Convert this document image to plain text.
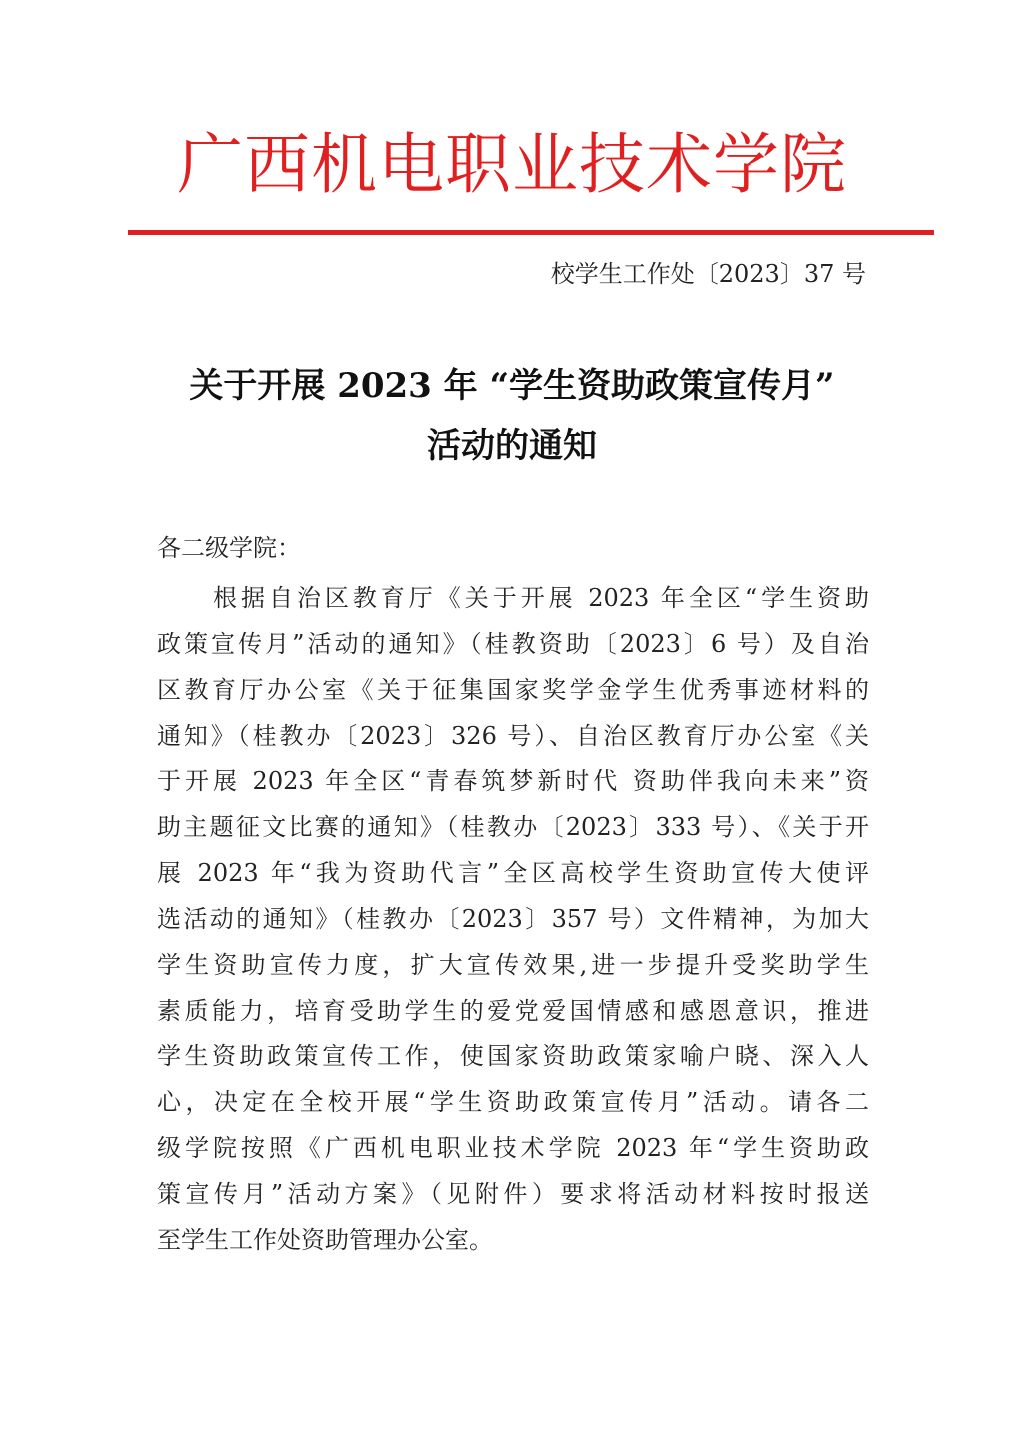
广西机电职业技术学院
校学生工作处〔2023〕37 号
关于开展 2023 年 “学生资助政策宣传月”
活动的通知
各二级学院：
根据自治区教育厅《关于开展 2023 年全区“学生资助
政策宣传月”活动的通知》（桂教资助〔2023〕6 号）及自治
区教育厅办公室《关于征集国家奖学金学生优秀事迹材料的
通知》（桂教办〔2023〕326 号）、自治区教育厅办公室《关
于开展 2023 年全区“青春筑梦新时代 资助伴我向未来”资
助主题征文比赛的通知》（桂教办〔2023〕333 号）、《关于开
展 2023 年“我为资助代言”全区高校学生资助宣传大使评
选活动的通知》（桂教办〔2023〕357 号）文件精神，为加大
学生资助宣传力度，扩大宣传效果,进一步提升受奖助学生
素质能力，培育受助学生的爱党爱国情感和感恩意识，推进
学生资助政策宣传工作，使国家资助政策家喻户晓、深入人
心，决定在全校开展“学生资助政策宣传月”活动。请各二
级学院按照《广西机电职业技术学院 2023 年“学生资助政
策宣传月”活动方案》（见附件）要求将活动材料按时报送
至学生工作处资助管理办公室。
